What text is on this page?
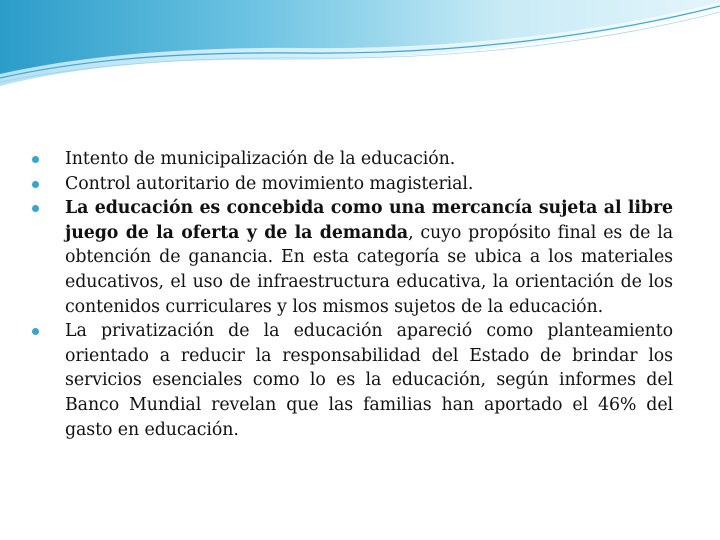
Intento de municipalización de la educación.
Control autoritario de movimiento magisterial.
La educación es concebida como una mercancía sujeta al libre juego de la oferta y de la demanda, cuyo propósito final es de la obtención de ganancia. En esta categoría se ubica a los materiales educativos, el uso de infraestructura educativa, la orientación de los contenidos curriculares y los mismos sujetos de la educación.
La privatización de la educación apareció como planteamiento orientado a reducir la responsabilidad del Estado de brindar los servicios esenciales como lo es la educación, según informes del Banco Mundial revelan que las familias han aportado el 46% del gasto en educación.
